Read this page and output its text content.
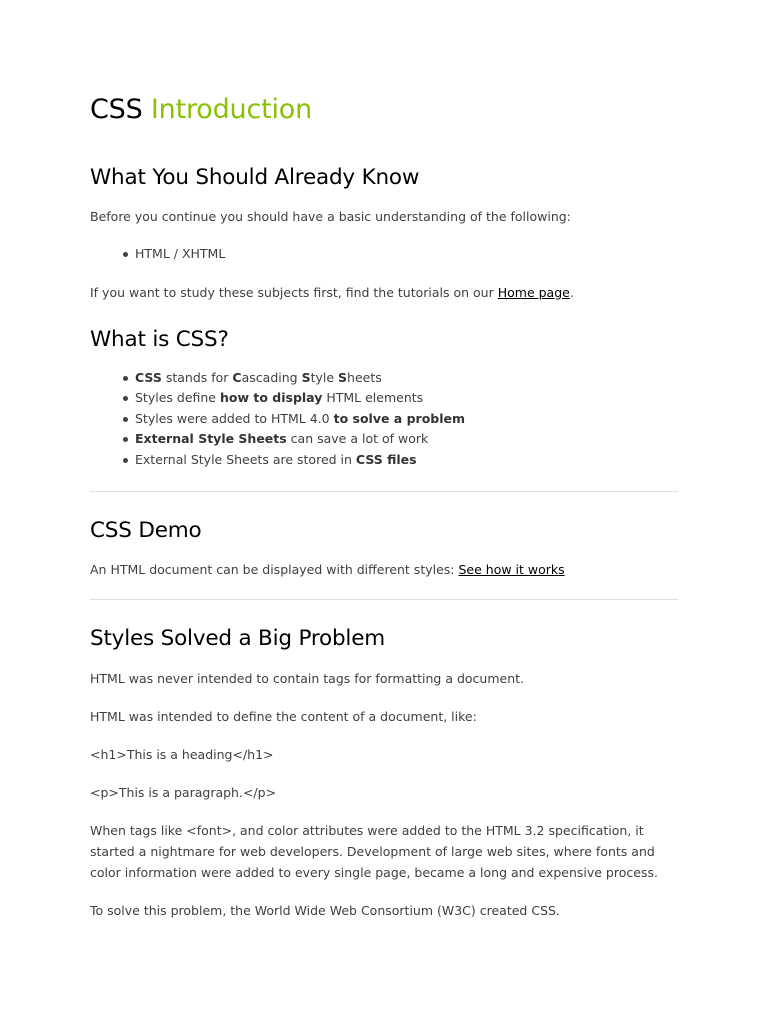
CSS Introduction
What You Should Already Know

Before you continue you should have a basic understanding of the following:

HTML / XHTML

If you want to study these subjects first, find the tutorials on our Home page.

What is CSS?
CSS stands for Cascading Style Sheets
Styles define how to display HTML elements
Styles were added to HTML 4.0 to solve a problem
External Style Sheets can save a lot of work
External Style Sheets are stored in CSS files
CSS Demo

An HTML document can be displayed with different styles: See how it works

Styles Solved a Big Problem

HTML was never intended to contain tags for formatting a document.

HTML was intended to define the content of a document, like:

<h1>This is a heading</h1>

<p>This is a paragraph.</p>

When tags like <font>, and color attributes were added to the HTML 3.2 specification, it started a nightmare for web developers. Development of large web sites, where fonts and color information were added to every single page, became a long and expensive process.

To solve this problem, the World Wide Web Consortium (W3C) created CSS.
